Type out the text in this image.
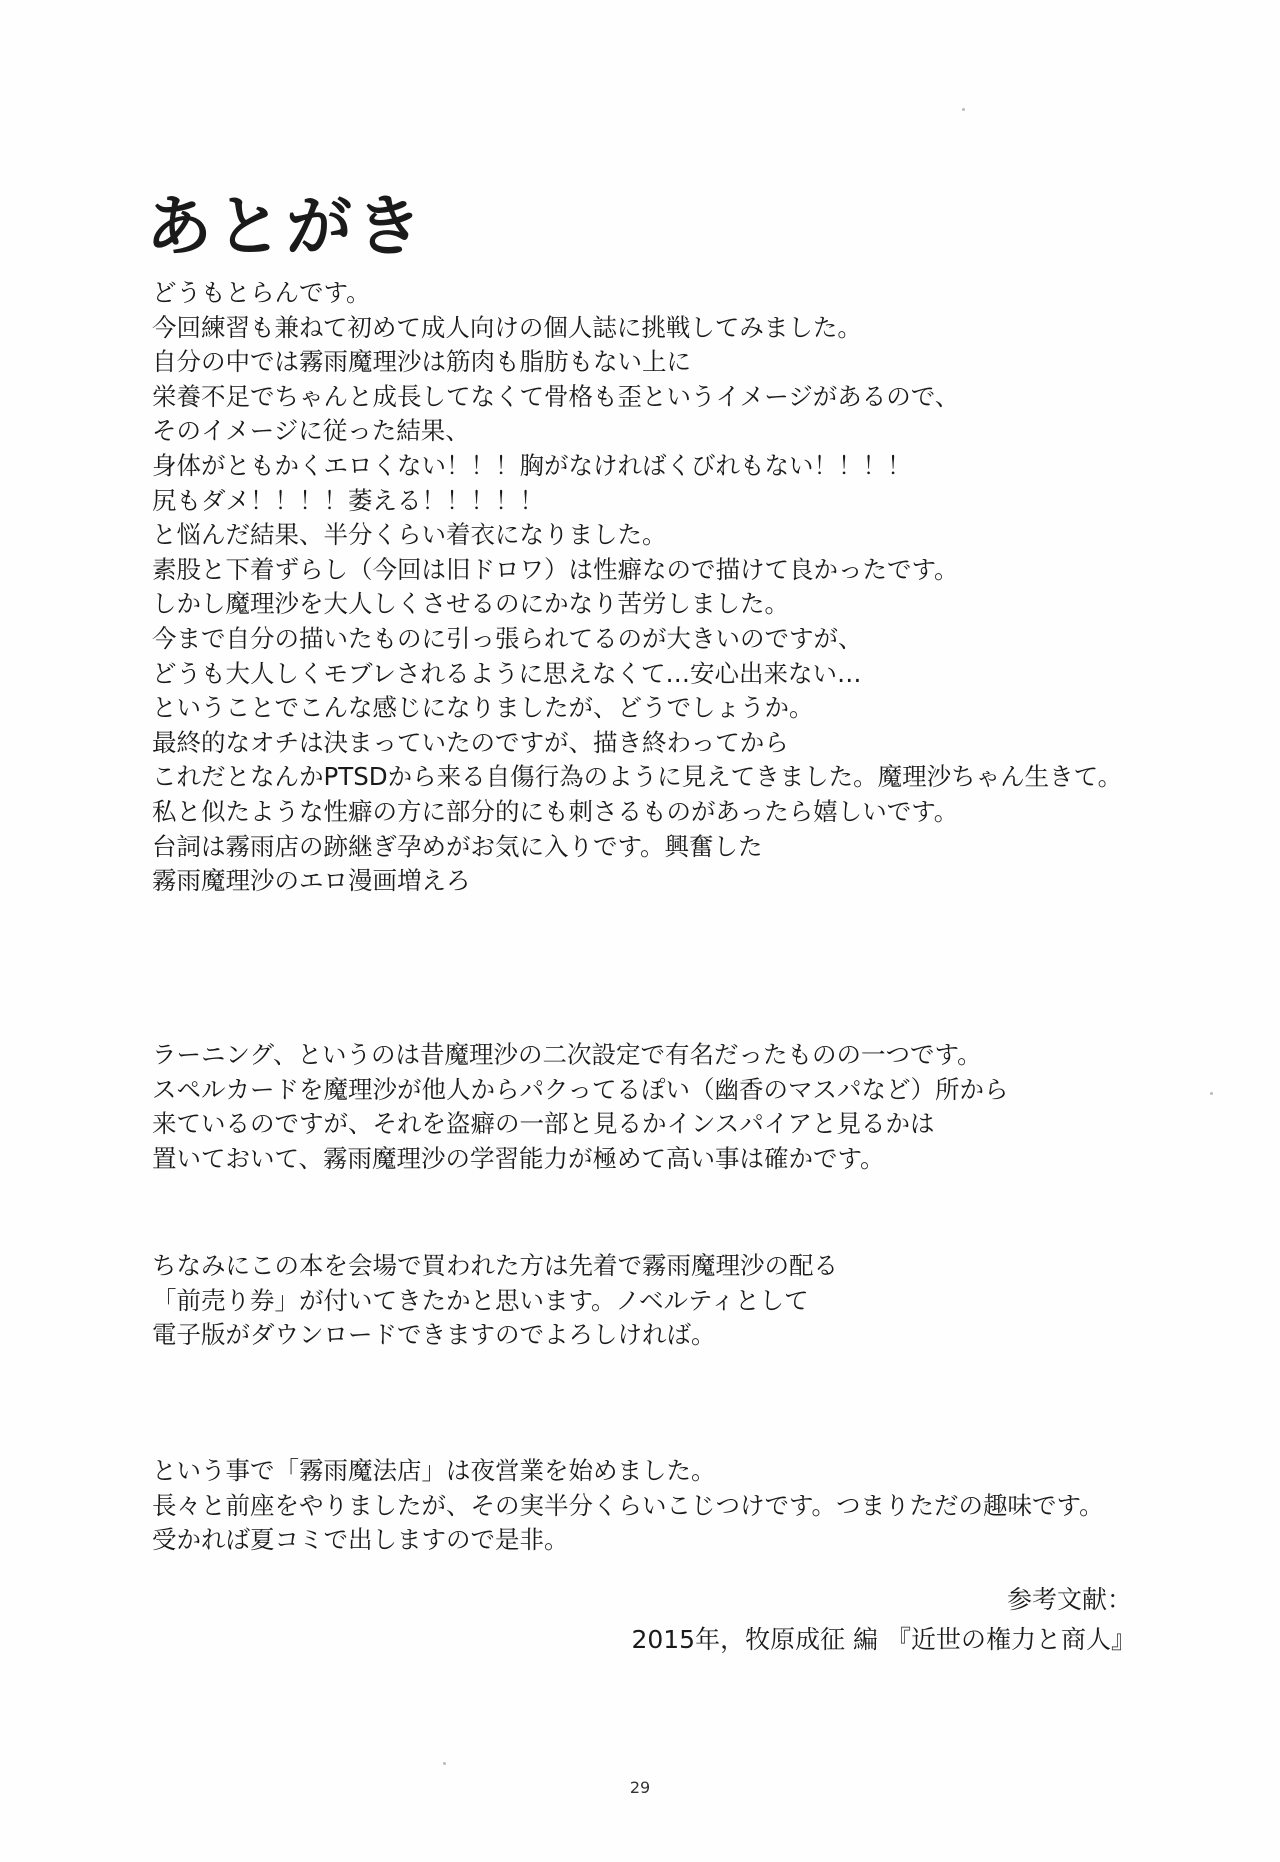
あとがき
どうもとらんです。
今回練習も兼ねて初めて成人向けの個人誌に挑戦してみました。
自分の中では霧雨魔理沙は筋肉も脂肪もない上に
栄養不足でちゃんと成長してなくて骨格も歪というイメージがあるので、
そのイメージに従った結果、
身体がともかくエロくない！！！胸がなければくびれもない！！！！
尻もダメ！！！！萎える！！！！！
と悩んだ結果、半分くらい着衣になりました。
素股と下着ずらし（今回は旧ドロワ）は性癖なので描けて良かったです。
しかし魔理沙を大人しくさせるのにかなり苦労しました。
今まで自分の描いたものに引っ張られてるのが大きいのですが、
どうも大人しくモブレされるように思えなくて…安心出来ない…
ということでこんな感じになりましたが、どうでしょうか。
最終的なオチは決まっていたのですが、描き終わってから
これだとなんかPTSDから来る自傷行為のように見えてきました。魔理沙ちゃん生きて。
私と似たような性癖の方に部分的にも刺さるものがあったら嬉しいです。
台詞は霧雨店の跡継ぎ孕めがお気に入りです。興奮した
霧雨魔理沙のエロ漫画増えろ
ラーニング、というのは昔魔理沙の二次設定で有名だったものの一つです。
スペルカードを魔理沙が他人からパクってるぽい（幽香のマスパなど）所から
来ているのですが、それを盗癖の一部と見るかインスパイアと見るかは
置いておいて、霧雨魔理沙の学習能力が極めて高い事は確かです。
ちなみにこの本を会場で買われた方は先着で霧雨魔理沙の配る
「前売り券」が付いてきたかと思います。ノベルティとして
電子版がダウンロードできますのでよろしければ。
という事で「霧雨魔法店」は夜営業を始めました。
長々と前座をやりましたが、その実半分くらいこじつけです。つまりただの趣味です。
受かれば夏コミで出しますので是非。
参考文献：
2015年，牧原成征 編 『近世の権力と商人』
29
